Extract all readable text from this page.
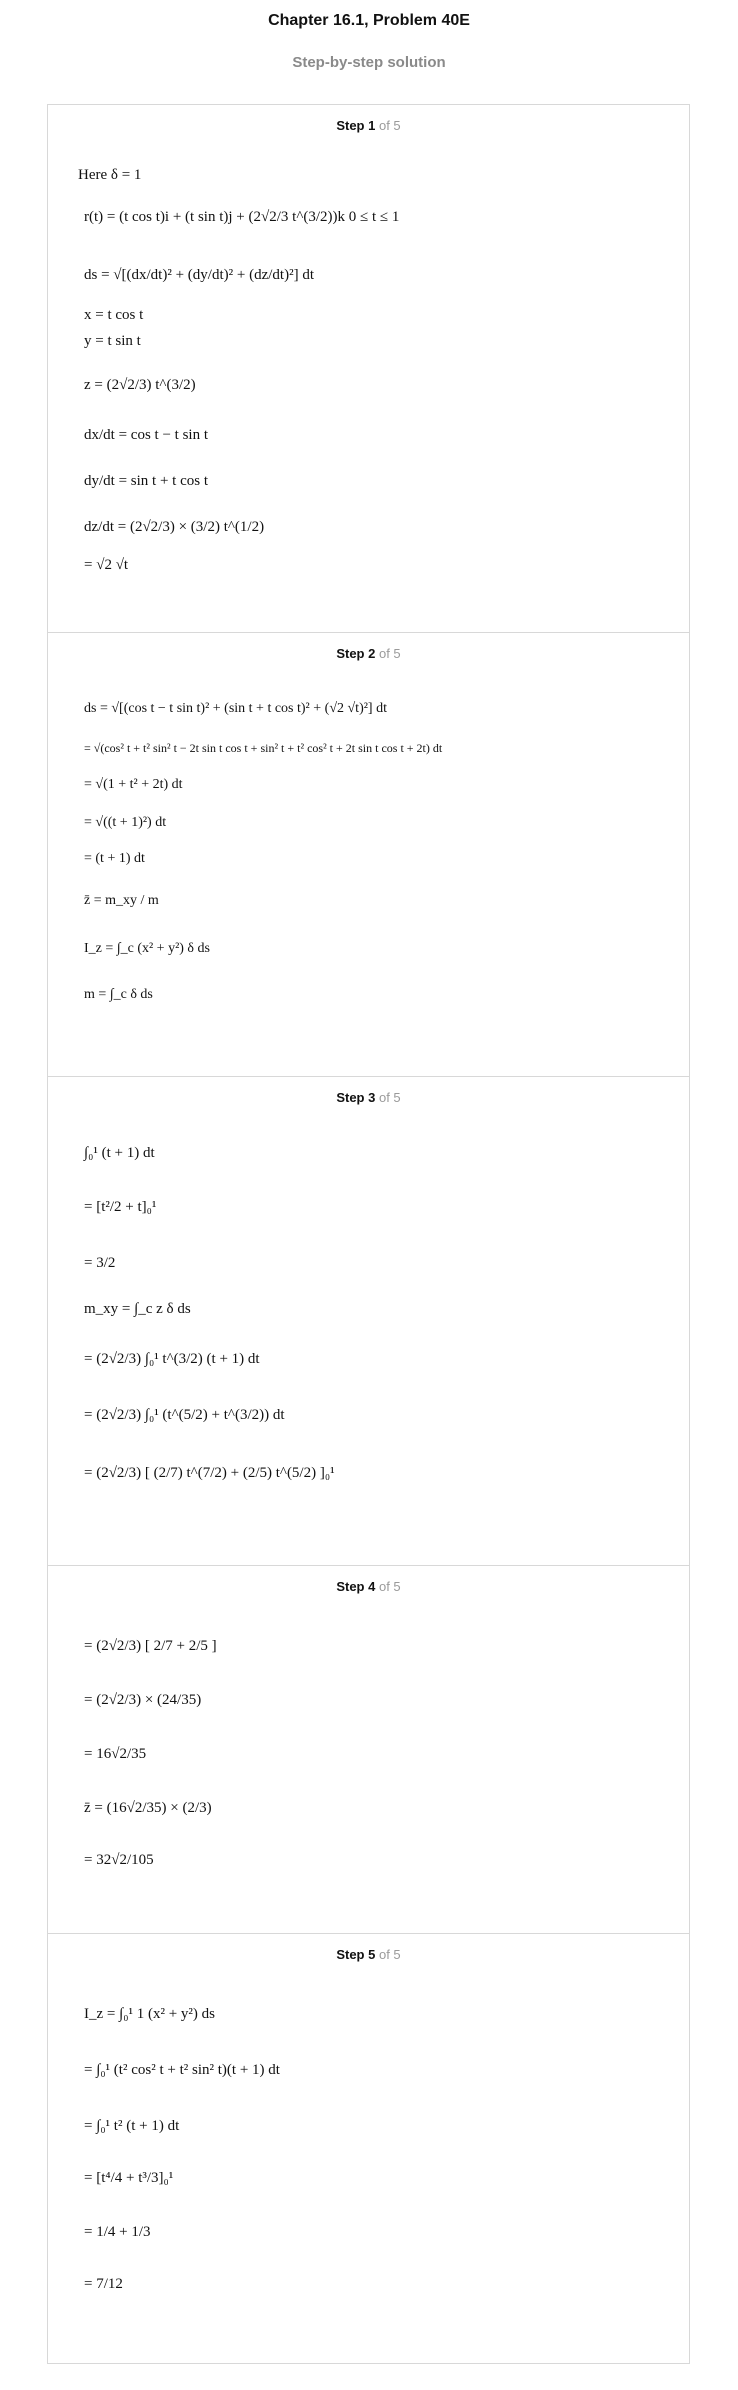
Chapter 16.1, Problem 40E
Step-by-step solution
Step 1 of 5
Here δ = 1
r(t) = (t cos t)i + (t sin t)j + (2√2/3 t^(3/2))k 0 ≤ t ≤ 1
ds = √[(dx/dt)² + (dy/dt)² + (dz/dt)²] dt
x = t cos t
y = t sin t
z = (2√2/3) t^(3/2)
dx/dt = cos t − t sin t
dy/dt = sin t + t cos t
dz/dt = (2√2/3) × (3/2) t^(1/2)
= √2 √t
Step 2 of 5
ds = √[(cos t − t sin t)² + (sin t + t cos t)² + (√2 √t)²] dt
= √(cos² t + t² sin² t − 2t sin t cos t + sin² t + t² cos² t + 2t sin t cos t + 2t) dt
= √(1 + t² + 2t) dt
= √((t + 1)²) dt
= (t + 1) dt
z̄ = m_xy / m
I_z = ∫_c (x² + y²) δ ds
m = ∫_c δ ds
Step 3 of 5
∫₀¹ (t + 1) dt
= [t²/2 + t]₀¹
= 3/2
m_xy = ∫_c z δ ds
= (2√2/3) ∫₀¹ t^(3/2) (t + 1) dt
= (2√2/3) ∫₀¹ (t^(5/2) + t^(3/2)) dt
= (2√2/3) [ (2/7) t^(7/2) + (2/5) t^(5/2) ]₀¹
Step 4 of 5
= (2√2/3) [ 2/7 + 2/5 ]
= (2√2/3) × (24/35)
= 16√2/35
z̄ = (16√2/35) × (2/3)
= 32√2/105
Step 5 of 5
I_z = ∫₀¹ 1 (x² + y²) ds
= ∫₀¹ (t² cos² t + t² sin² t)(t + 1) dt
= ∫₀¹ t² (t + 1) dt
= [t⁴/4 + t³/3]₀¹
= 1/4 + 1/3
= 7/12
